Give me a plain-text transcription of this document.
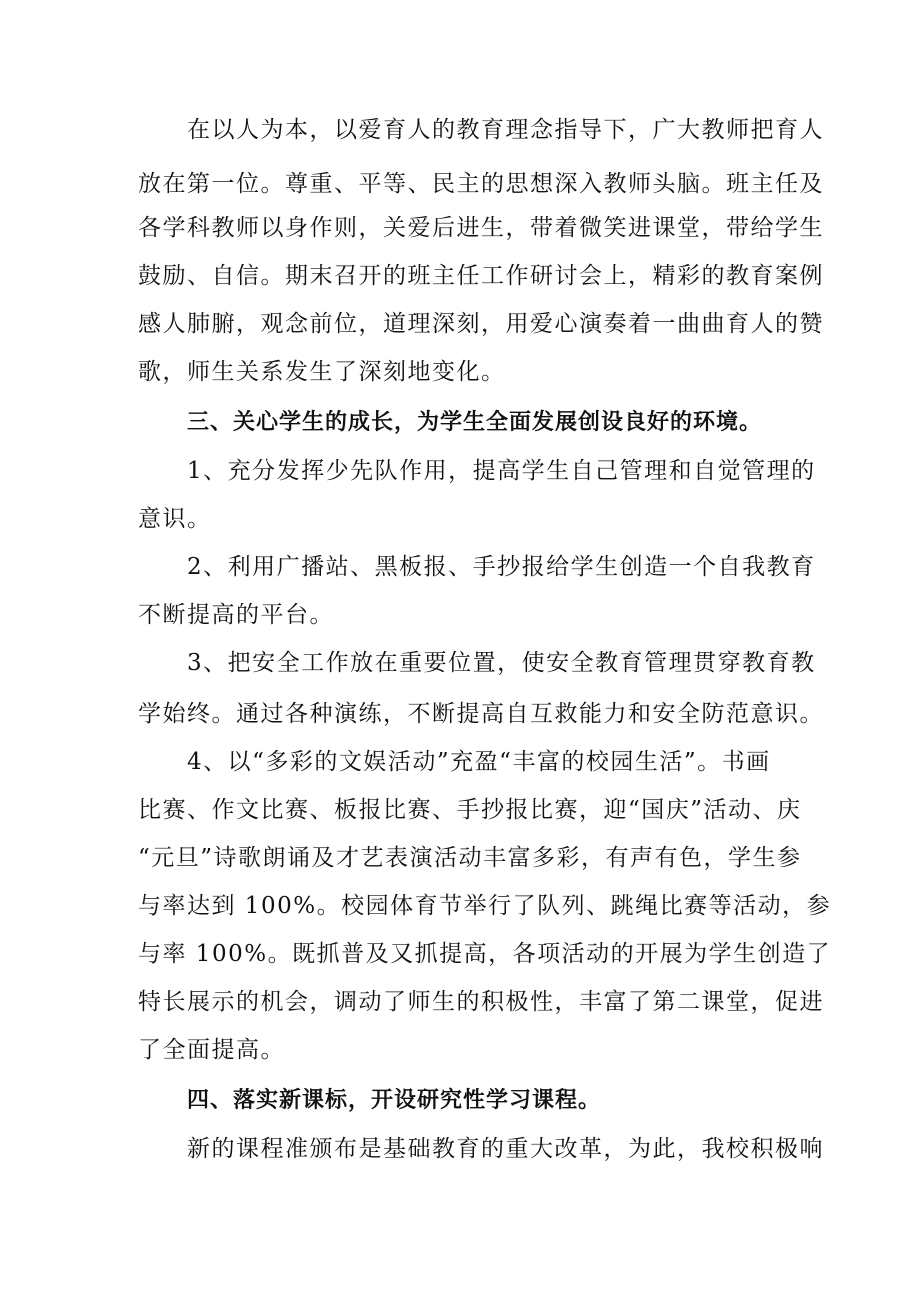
在以人为本，以爱育人的教育理念指导下，广大教师把育人
放在第一位。尊重、平等、民主的思想深入教师头脑。班主任及
各学科教师以身作则，关爱后进生，带着微笑进课堂，带给学生
鼓励、自信。期末召开的班主任工作研讨会上，精彩的教育案例
感人肺腑，观念前位，道理深刻，用爱心演奏着一曲曲育人的赞
歌，师生关系发生了深刻地变化。
三、关心学生的成长，为学生全面发展创设良好的环境。
1、充分发挥少先队作用，提高学生自己管理和自觉管理的
意识。
2、利用广播站、黑板报、手抄报给学生创造一个自我教育
不断提高的平台。
3、把安全工作放在重要位置，使安全教育管理贯穿教育教
学始终。通过各种演练，不断提高自互救能力和安全防范意识。
4、以“多彩的文娱活动”充盈“丰富的校园生活”。书画
比赛、作文比赛、板报比赛、手抄报比赛，迎“国庆”活动、庆
“元旦”诗歌朗诵及才艺表演活动丰富多彩，有声有色，学生参
与率达到 100%。校园体育节举行了队列、跳绳比赛等活动，参
与率 100%。既抓普及又抓提高，各项活动的开展为学生创造了
特长展示的机会，调动了师生的积极性，丰富了第二课堂，促进
了全面提高。
四、落实新课标，开设研究性学习课程。
新的课程准颁布是基础教育的重大改革，为此，我校积极响
